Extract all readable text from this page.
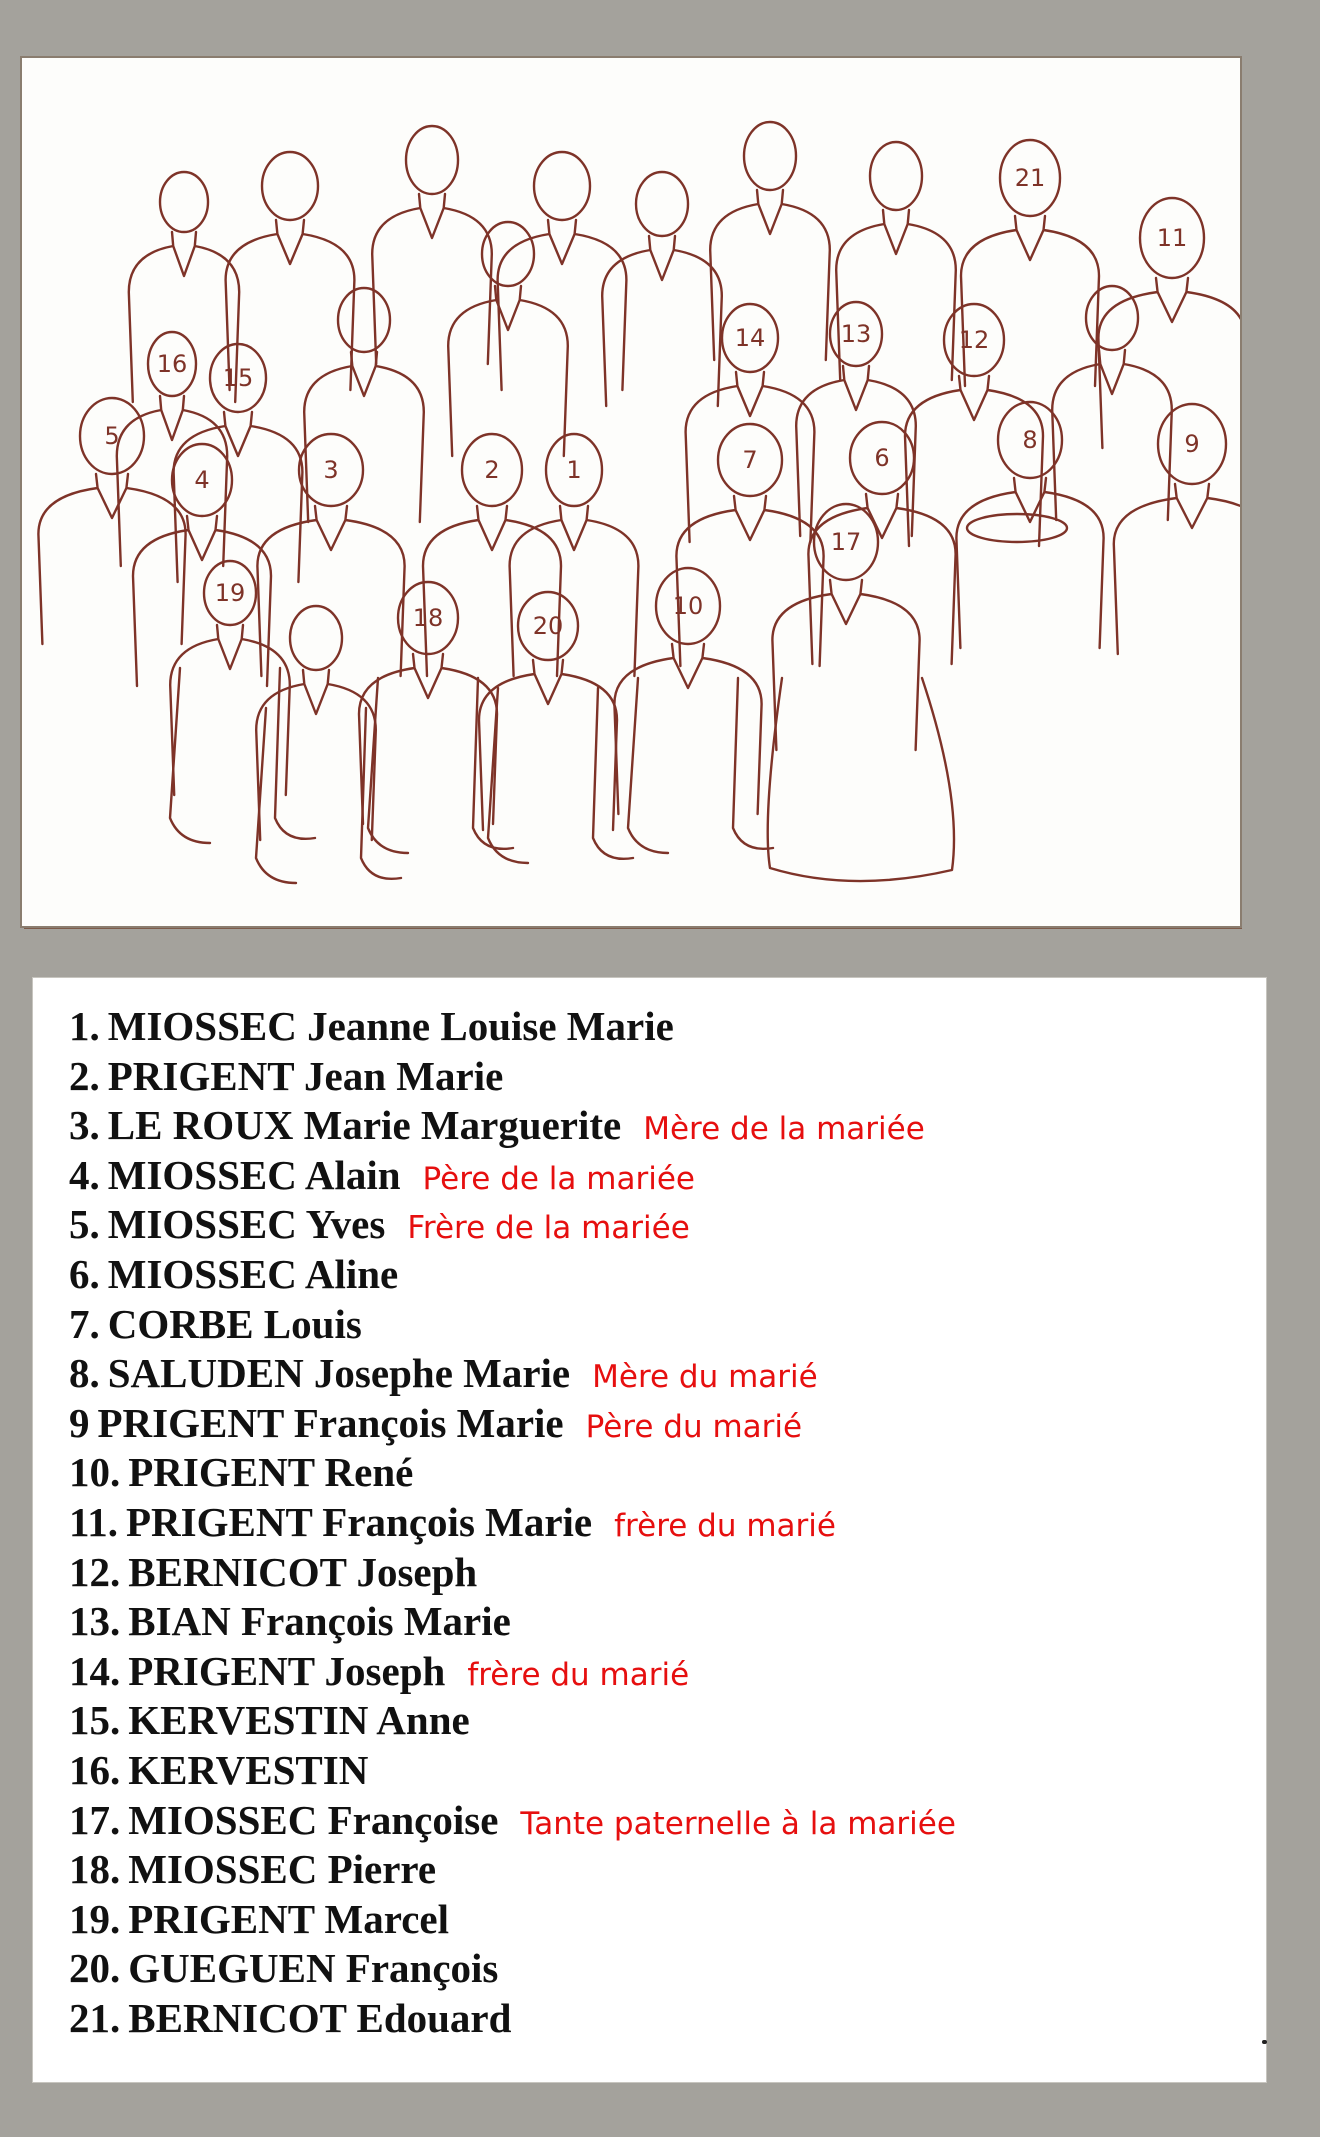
1
2
3
4
5
6
7
8	9
10
11
12
13
14
15
16
17
18
19
20
21
1. MIOSSEC Jeanne Louise Marie
2. PRIGENT Jean Marie
3. LE ROUX Marie Marguerite Mère de la mariée
4. MIOSSEC Alain Père de la mariée
5. MIOSSEC Yves Frère de la mariée
6. MIOSSEC Aline
7. CORBE Louis
8. SALUDEN Josephe Marie Mère du marié
9 PRIGENT François Marie Père du marié
10. PRIGENT René
11. PRIGENT François Marie frère du marié
12. BERNICOT Joseph
13. BIAN François Marie
14. PRIGENT Joseph frère du marié
15. KERVESTIN Anne
16. KERVESTIN
17. MIOSSEC Françoise Tante paternelle à la mariée
18. MIOSSEC Pierre
19. PRIGENT Marcel
20. GUEGUEN François
21. BERNICOT Edouard
